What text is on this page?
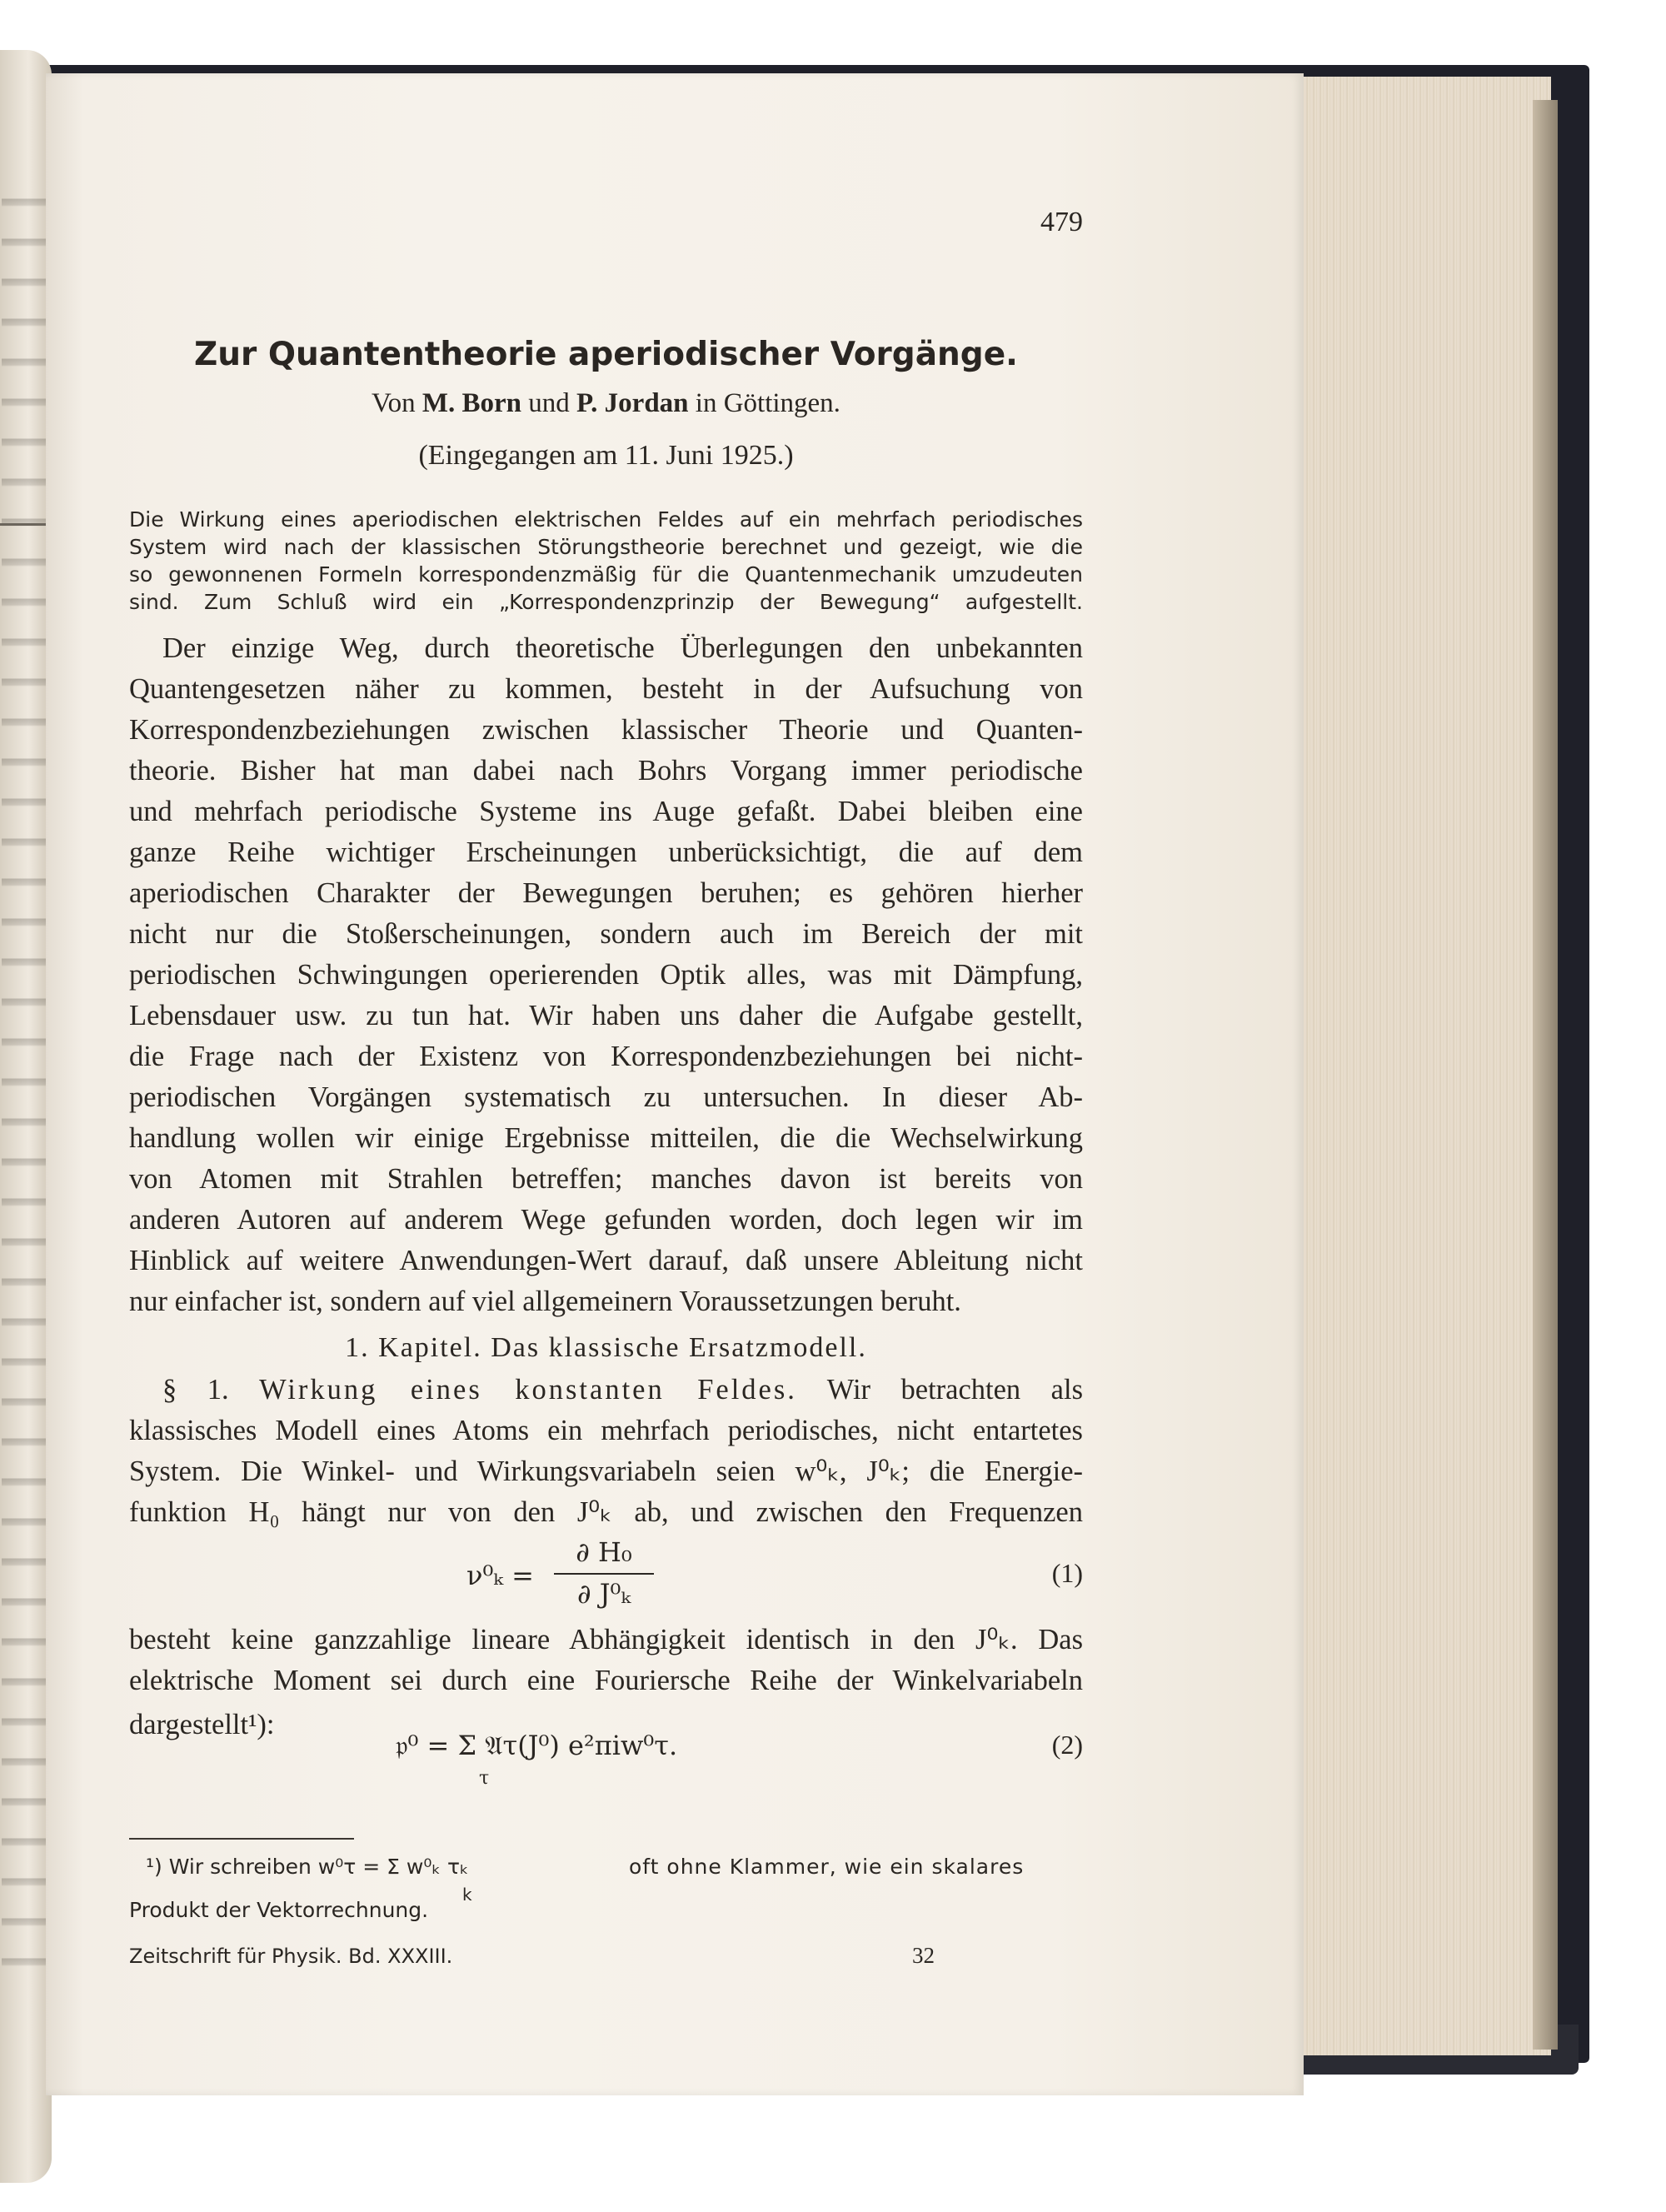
479
Zur Quantentheorie aperiodischer Vorgänge.
Von M. Born und P. Jordan in Göttingen.
(Eingegangen am 11. Juni 1925.)
Die Wirkung eines aperiodischen elektrischen Feldes auf ein mehrfach periodisches
System wird nach der klassischen Störungstheorie berechnet und gezeigt, wie die
so gewonnenen Formeln korrespondenzmäßig für die Quantenmechanik umzudeuten
sind. Zum Schluß wird ein „Korrespondenzprinzip der Bewegung“ aufgestellt.
Der einzige Weg, durch theoretische Überlegungen den unbekannten
Quantengesetzen näher zu kommen, besteht in der Aufsuchung von
Korrespondenzbeziehungen zwischen klassischer Theorie und Quanten-
theorie. Bisher hat man dabei nach Bohrs Vorgang immer periodische
und mehrfach periodische Systeme ins Auge gefaßt. Dabei bleiben eine
ganze Reihe wichtiger Erscheinungen unberücksichtigt, die auf dem
aperiodischen Charakter der Bewegungen beruhen; es gehören hierher
nicht nur die Stoßerscheinungen, sondern auch im Bereich der mit
periodischen Schwingungen operierenden Optik alles, was mit Dämpfung,
Lebensdauer usw. zu tun hat. Wir haben uns daher die Aufgabe gestellt,
die Frage nach der Existenz von Korrespondenzbeziehungen bei nicht-
periodischen Vorgängen systematisch zu untersuchen. In dieser Ab-
handlung wollen wir einige Ergebnisse mitteilen, die die Wechselwirkung
von Atomen mit Strahlen betreffen; manches davon ist bereits von
anderen Autoren auf anderem Wege gefunden worden, doch legen wir im
Hinblick auf weitere Anwendungen-Wert darauf, daß unsere Ableitung nicht
nur einfacher ist, sondern auf viel allgemeinern Voraussetzungen beruht.
1. Kapitel. Das klassische Ersatzmodell.
§ 1. Wirkung eines konstanten Feldes. Wir betrachten als
klassisches Modell eines Atoms ein mehrfach periodisches, nicht entartetes
System. Die Winkel- und Wirkungsvariabeln seien w⁰ₖ, J⁰ₖ; die Energie-
funktion H₀ hängt nur von den J⁰ₖ ab, und zwischen den Frequenzen
ν⁰ₖ =
∂ H₀
∂ J⁰ₖ
(1)
besteht keine ganzzahlige lineare Abhängigkeit identisch in den J⁰ₖ. Das
elektrische Moment sei durch eine Fouriersche Reihe der Winkelvariabeln
dargestellt¹):
𝔭⁰ = Σ 𝔄τ(J⁰) e²πiw⁰τ.
τ
(2)
¹) Wir schreiben w⁰τ = Σ w⁰ₖ τₖ
k
oft ohne Klammer, wie ein skalares
Produkt der Vektorrechnung.
Zeitschrift für Physik. Bd. XXXIII.	32
